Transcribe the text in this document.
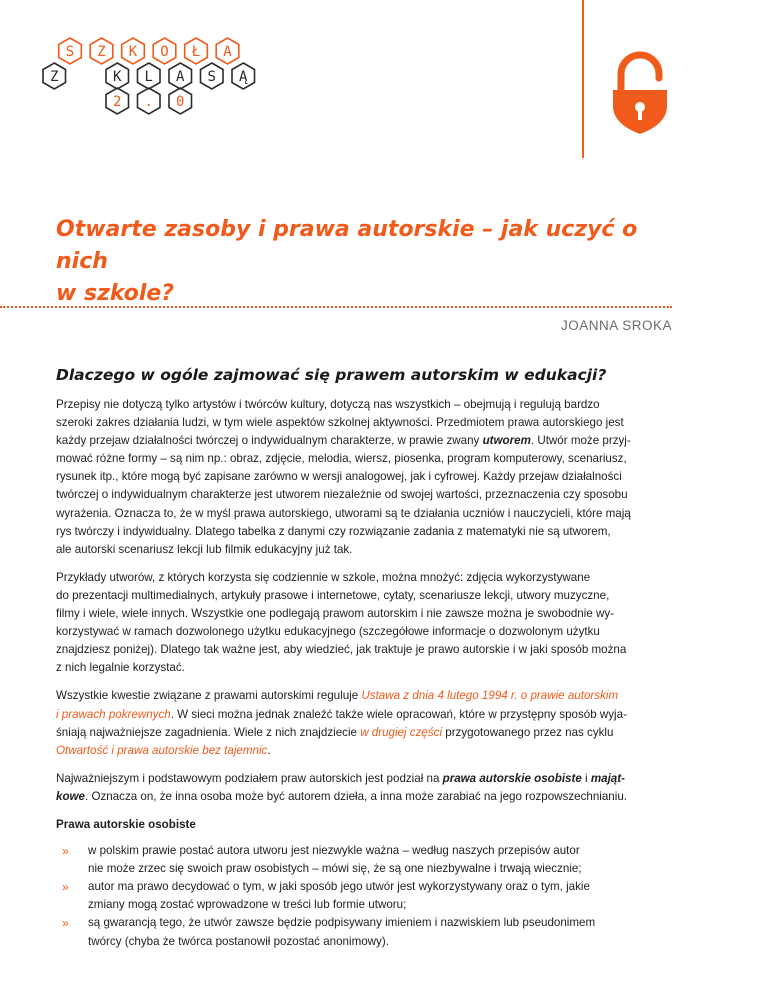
S Z K O Ł A
Z	K L A S Ą
2 . 0
Otwarte zasoby i prawa autorskie – jak uczyć o nich
w szkole?
JOANNA SROKA
Dlaczego w ogóle zajmować się prawem autorskim w edukacji?
Przepisy nie dotyczą tylko artystów i twórców kultury, dotyczą nas wszystkich – obejmują i regulują bardzo
szeroki zakres działania ludzi, w tym wiele aspektów szkolnej aktywności. Przedmiotem prawa autorskiego jest
każdy przejaw działalności twórczej o indywidualnym charakterze, w prawie zwany utworem. Utwór może przyj-
mować różne formy – są nim np.: obraz, zdjęcie, melodia, wiersz, piosenka, program komputerowy, scenariusz,
rysunek itp., które mogą być zapisane zarówno w wersji analogowej, jak i cyfrowej. Każdy przejaw działalności
twórczej o indywidualnym charakterze jest utworem niezależnie od swojej wartości, przeznaczenia czy sposobu
wyrażenia. Oznacza to, że w myśl prawa autorskiego, utworami są te działania uczniów i nauczycieli, które mają
rys twórczy i indywidualny. Dlatego tabelka z danymi czy rozwiązanie zadania z matematyki nie są utworem,
ale autorski scenariusz lekcji lub filmik edukacyjny już tak.
Przykłady utworów, z których korzysta się codziennie w szkole, można mnożyć: zdjęcia wykorzystywane
do prezentacji multimedialnych, artykuły prasowe i internetowe, cytaty, scenariusze lekcji, utwory muzyczne,
filmy i wiele, wiele innych. Wszystkie one podlegają prawom autorskim i nie zawsze można je swobodnie wy-
korzystywać w ramach dozwolonego użytku edukacyjnego (szczegółowe informacje o dozwolonym użytku
znajdziesz poniżej). Dlatego tak ważne jest, aby wiedzieć, jak traktuje je prawo autorskie i w jaki sposób można
z nich legalnie korzystać.
Wszystkie kwestie związane z prawami autorskimi reguluje Ustawa z dnia 4 lutego 1994 r. o prawie autorskim
i prawach pokrewnych. W sieci można jednak znaleźć także wiele opracowań, które w przystępny sposób wyja-
śniają najważniejsze zagadnienia. Wiele z nich znajdziecie w drugiej części przygotowanego przez nas cyklu
Otwartość i prawa autorskie bez tajemnic.
Najważniejszym i podstawowym podziałem praw autorskich jest podział na prawa autorskie osobiste i mająt-
kowe. Oznacza on, że inna osoba może być autorem dzieła, a inna może zarabiać na jego rozpowszechnianiu.
Prawa autorskie osobiste
» w polskim prawie postać autora utworu jest niezwykle ważna – według naszych przepisów autor
nie może zrzec się swoich praw osobistych – mówi się, że są one niezbywalne i trwają wiecznie;
» autor ma prawo decydować o tym, w jaki sposób jego utwór jest wykorzystywany oraz o tym, jakie
zmiany mogą zostać wprowadzone w treści lub formie utworu;
» są gwarancją tego, że utwór zawsze będzie podpisywany imieniem i nazwiskiem lub pseudonimem
twórcy (chyba że twórca postanowił pozostać anonimowy).
